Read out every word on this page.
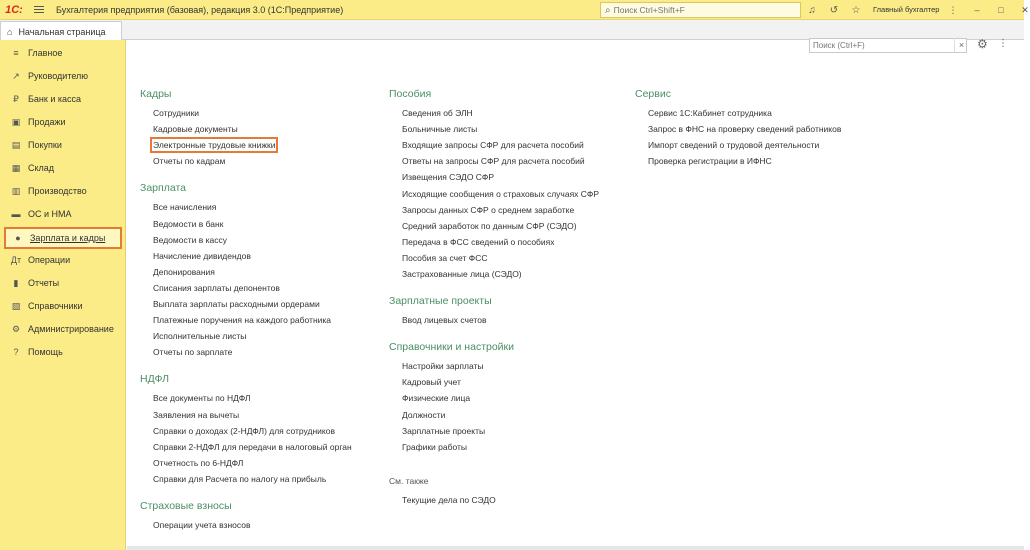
1С:	Бухгалтерия предприятия (базовая), редакция 3.0 (1С:Предприятие)	⌕
Поиск Ctrl+Shift+F	♫ ↺ ☆ Главный бухгалтер ⋮ – □ ✕
⌂ Начальная страница
≡	Главное
↗ Руководителю
₽	Банк и касса
▣ Продажи
▤ Покупки
▦ Склад
▥ Производство
▬ ОС и НМА
●	Зарплата и кадры
Дт Операции
▮	Отчеты
▧ Справочники
⚙ Администрирование
?	Помощь
Поиск (Ctrl+F)
×	⚙ ⋮
Кадры
Сотрудники
Кадровые документы
Электронные трудовые книжки
Отчеты по кадрам
Зарплата
Все начисления
Ведомости в банк
Ведомости в кассу
Начисление дивидендов
Депонирования
Списания зарплаты депонентов
Выплата зарплаты расходными ордерами
Платежные поручения на каждого работника
Исполнительные листы
Отчеты по зарплате
НДФЛ
Все документы по НДФЛ
Заявления на вычеты
Справки о доходах (2-НДФЛ) для сотрудников
Справки 2-НДФЛ для передачи в налоговый орган
Отчетность по 6-НДФЛ
Справки для Расчета по налогу на прибыль
Страховые взносы
Операции учета взносов
Пособия
Сведения об ЭЛН
Больничные листы
Входящие запросы СФР для расчета пособий
Ответы на запросы СФР для расчета пособий
Извещения СЭДО СФР
Исходящие сообщения о страховых случаях СФР
Запросы данных СФР о среднем заработке
Средний заработок по данным СФР (СЭДО)
Передача в ФСС сведений о пособиях
Пособия за счет ФСС
Застрахованные лица (СЭДО)
Зарплатные проекты
Ввод лицевых счетов
Справочники и настройки
Настройки зарплаты
Кадровый учет
Физические лица
Должности
Зарплатные проекты
Графики работы
См. также
Текущие дела по СЭДО
Сервис
Сервис 1С:Кабинет сотрудника
Запрос в ФНС на проверку сведений работников
Импорт сведений о трудовой деятельности
Проверка регистрации в ИФНС
